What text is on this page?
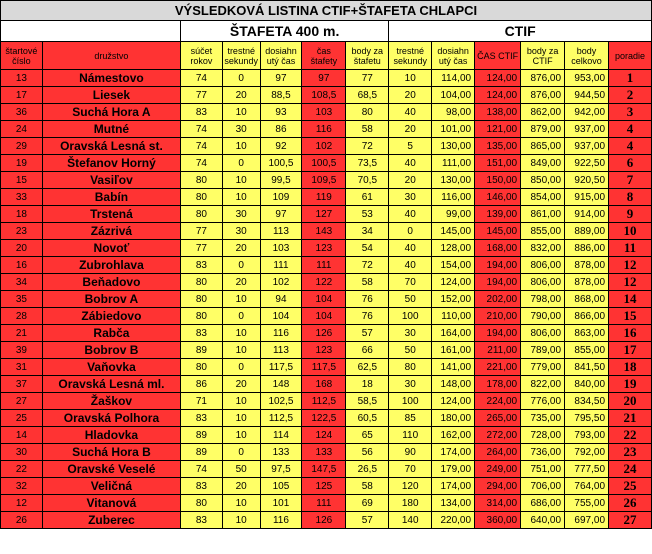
VÝSLEDKOVÁ LISTINA CTIF+ŠTAFETA CHLAPCI												
		ŠTAFETA 400 m.					CTIF					
štartové číslo	družstvo	súčet rokov	trestné sekundy	dosiahn utý čas	čas štafety	body za štafetu	trestné sekundy	dosiahn utý čas	ČAS CTIF	body za CTIF	body celkovo	poradie
13	Námestovo	74	0	97	97	77	10	114,00	124,00	876,00	953,00	1
17	Liesek	77	20	88,5	108,5	68,5	20	104,00	124,00	876,00	944,50	2
36	Suchá Hora A	83	10	93	103	80	40	98,00	138,00	862,00	942,00	3
24	Mutné	74	30	86	116	58	20	101,00	121,00	879,00	937,00	4
29	Oravská Lesná st.	74	10	92	102	72	5	130,00	135,00	865,00	937,00	4
19	Štefanov Horný	74	0	100,5	100,5	73,5	40	111,00	151,00	849,00	922,50	6
15	Vasiľov	80	10	99,5	109,5	70,5	20	130,00	150,00	850,00	920,50	7
33	Babín	80	10	109	119	61	30	116,00	146,00	854,00	915,00	8
18	Trstená	80	30	97	127	53	40	99,00	139,00	861,00	914,00	9
23	Zázrivá	77	30	113	143	34	0	145,00	145,00	855,00	889,00	10
20	Novoť	77	20	103	123	54	40	128,00	168,00	832,00	886,00	11
16	Zubrohlava	83	0	111	111	72	40	154,00	194,00	806,00	878,00	12
34	Beňadovo	80	20	102	122	58	70	124,00	194,00	806,00	878,00	12
35	Bobrov A	80	10	94	104	76	50	152,00	202,00	798,00	868,00	14
28	Zábiedovo	80	0	104	104	76	100	110,00	210,00	790,00	866,00	15
21	Rabča	83	10	116	126	57	30	164,00	194,00	806,00	863,00	16
39	Bobrov B	89	10	113	123	66	50	161,00	211,00	789,00	855,00	17
31	Vaňovka	80	0	117,5	117,5	62,5	80	141,00	221,00	779,00	841,50	18
37	Oravská Lesná ml.	86	20	148	168	18	30	148,00	178,00	822,00	840,00	19
27	Žaškov	71	10	102,5	112,5	58,5	100	124,00	224,00	776,00	834,50	20
25	Oravská Polhora	83	10	112,5	122,5	60,5	85	180,00	265,00	735,00	795,50	21
14	Hladovka	89	10	114	124	65	110	162,00	272,00	728,00	793,00	22
30	Suchá Hora B	89	0	133	133	56	90	174,00	264,00	736,00	792,00	23
22	Oravské Veselé	74	50	97,5	147,5	26,5	70	179,00	249,00	751,00	777,50	24
32	Veličná	83	20	105	125	58	120	174,00	294,00	706,00	764,00	25
12	Vitanová	80	10	101	111	69	180	134,00	314,00	686,00	755,00	26
26	Zuberec	83	10	116	126	57	140	220,00	360,00	640,00	697,00	27
